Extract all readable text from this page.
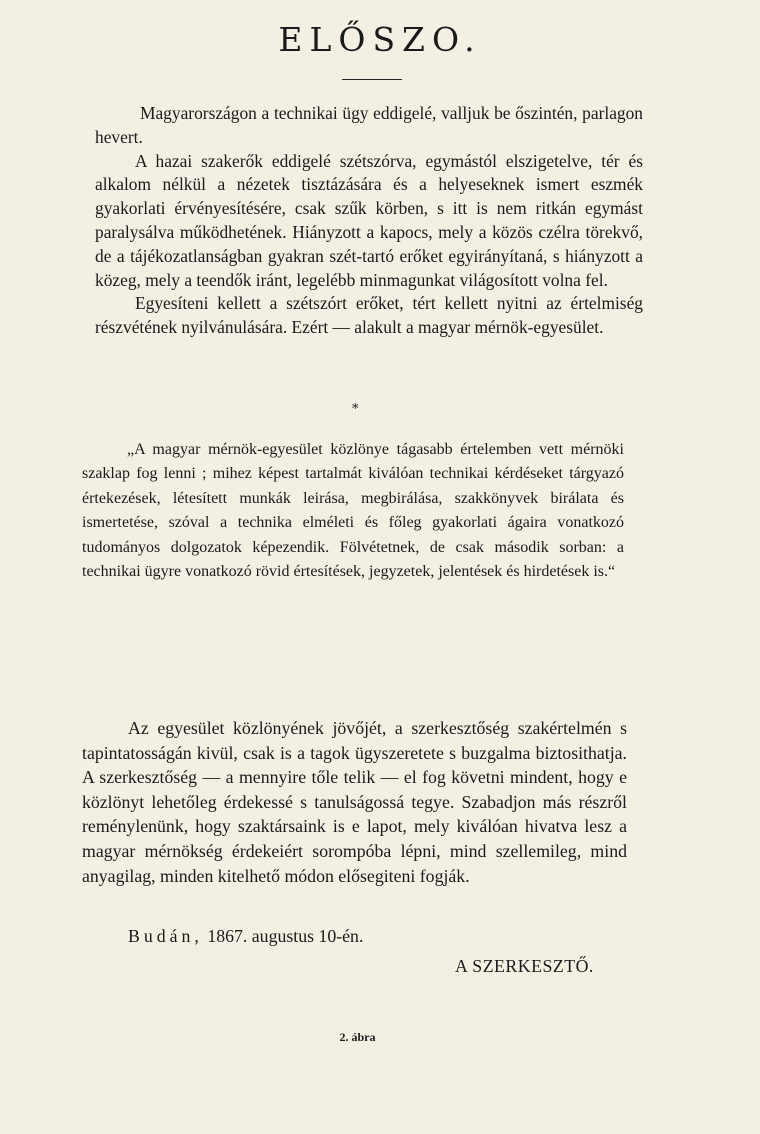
ELŐSZO.

Magyarországon a technikai ügy eddigelé, valljuk be őszintén, parlagon hevert.

A hazai szakerők eddigelé szétszórva, egymástól elszigetelve, tér és alkalom nélkül a nézetek tisztázására és a helyeseknek ismert eszmék gyakorlati érvényesítésére, csak szűk körben, s itt is nem ritkán egymást paralysálva működhetének. Hiányzott a kapocs, mely a közös czélra törekvő, de a tájékozatlanságban gyakran szét-tartó erőket egyirányítaná, s hiányzott a közeg, mely a teendők iránt, legelébb minmagunkat világosított volna fel.

Egyesíteni kellett a szétszórt erőket, tért kellett nyitni az értelmiség részvétének nyilvánulására. Ezért — alakult a magyar mérnök-egyesület.

*

„A magyar mérnök-egyesület közlönye tágasabb értelemben vett mérnöki szaklap fog lenni ; mihez képest tartalmát kiválóan technikai kérdéseket tárgyazó értekezések, létesített munkák leirása, megbirálása, szakkönyvek birálata és ismertetése, szóval a technika elméleti és főleg gyakorlati ágaira vonatkozó tudományos dolgozatok képezendik. Fölvétetnek, de csak második sorban: a technikai ügyre vonatkozó rövid értesítések, jegyzetek, jelentések és hirdetések is.“

Az egyesület közlönyének jövőjét, a szerkesztőség szakértelmén s tapintatosságán kivül, csak is a tagok ügyszeretete s buzgalma biztosithatja. A szerkesztőség — a mennyire tőle telik — el fog követni mindent, hogy e közlönyt lehetőleg érdekessé s tanulságossá tegye. Szabadjon más részről reménylenünk, hogy szaktársaink is e lapot, mely kiválóan hivatva lesz a magyar mérnökség érdekeiért sorompóba lépni, mind szellemileg, mind anyagilag, minden kitelhető módon elősegiteni fogják.

Budán, 1867. augustus 10-én.
A SZERKESZTŐ.
2. ábra
